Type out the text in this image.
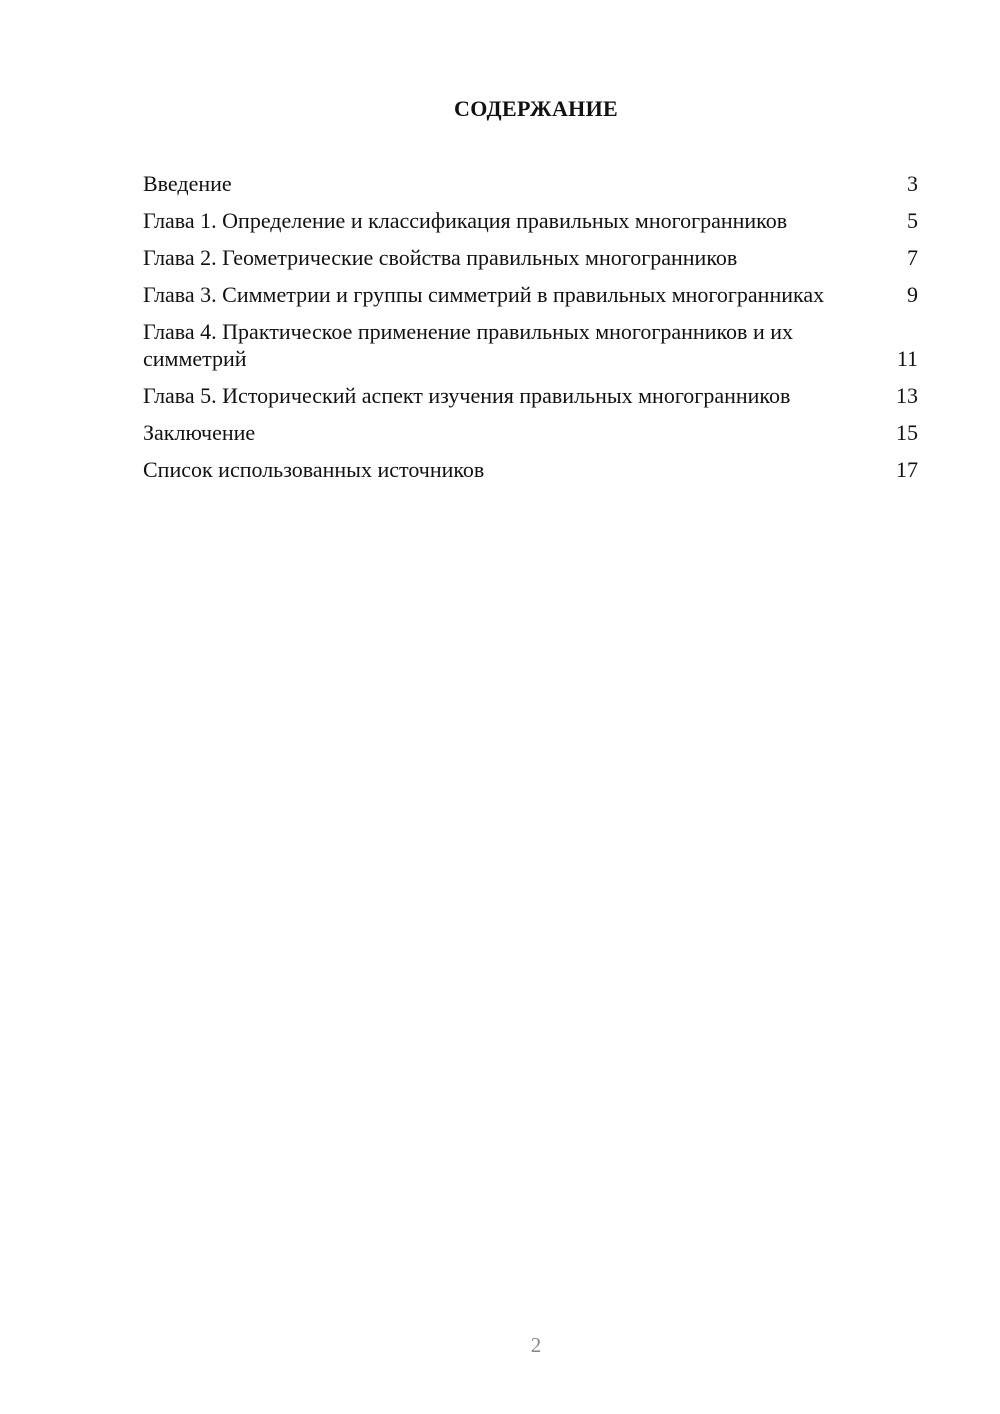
СОДЕРЖАНИЕ
Введение	3
Глава 1. Определение и классификация правильных многогранников	5
Глава 2. Геометрические свойства правильных многогранников	7
Глава 3. Симметрии и группы симметрий в правильных многогранниках	9
Глава 4. Практическое применение правильных многогранников и их симметрий	11
Глава 5. Исторический аспект изучения правильных многогранников	13
Заключение	15
Список использованных источников	17

2
